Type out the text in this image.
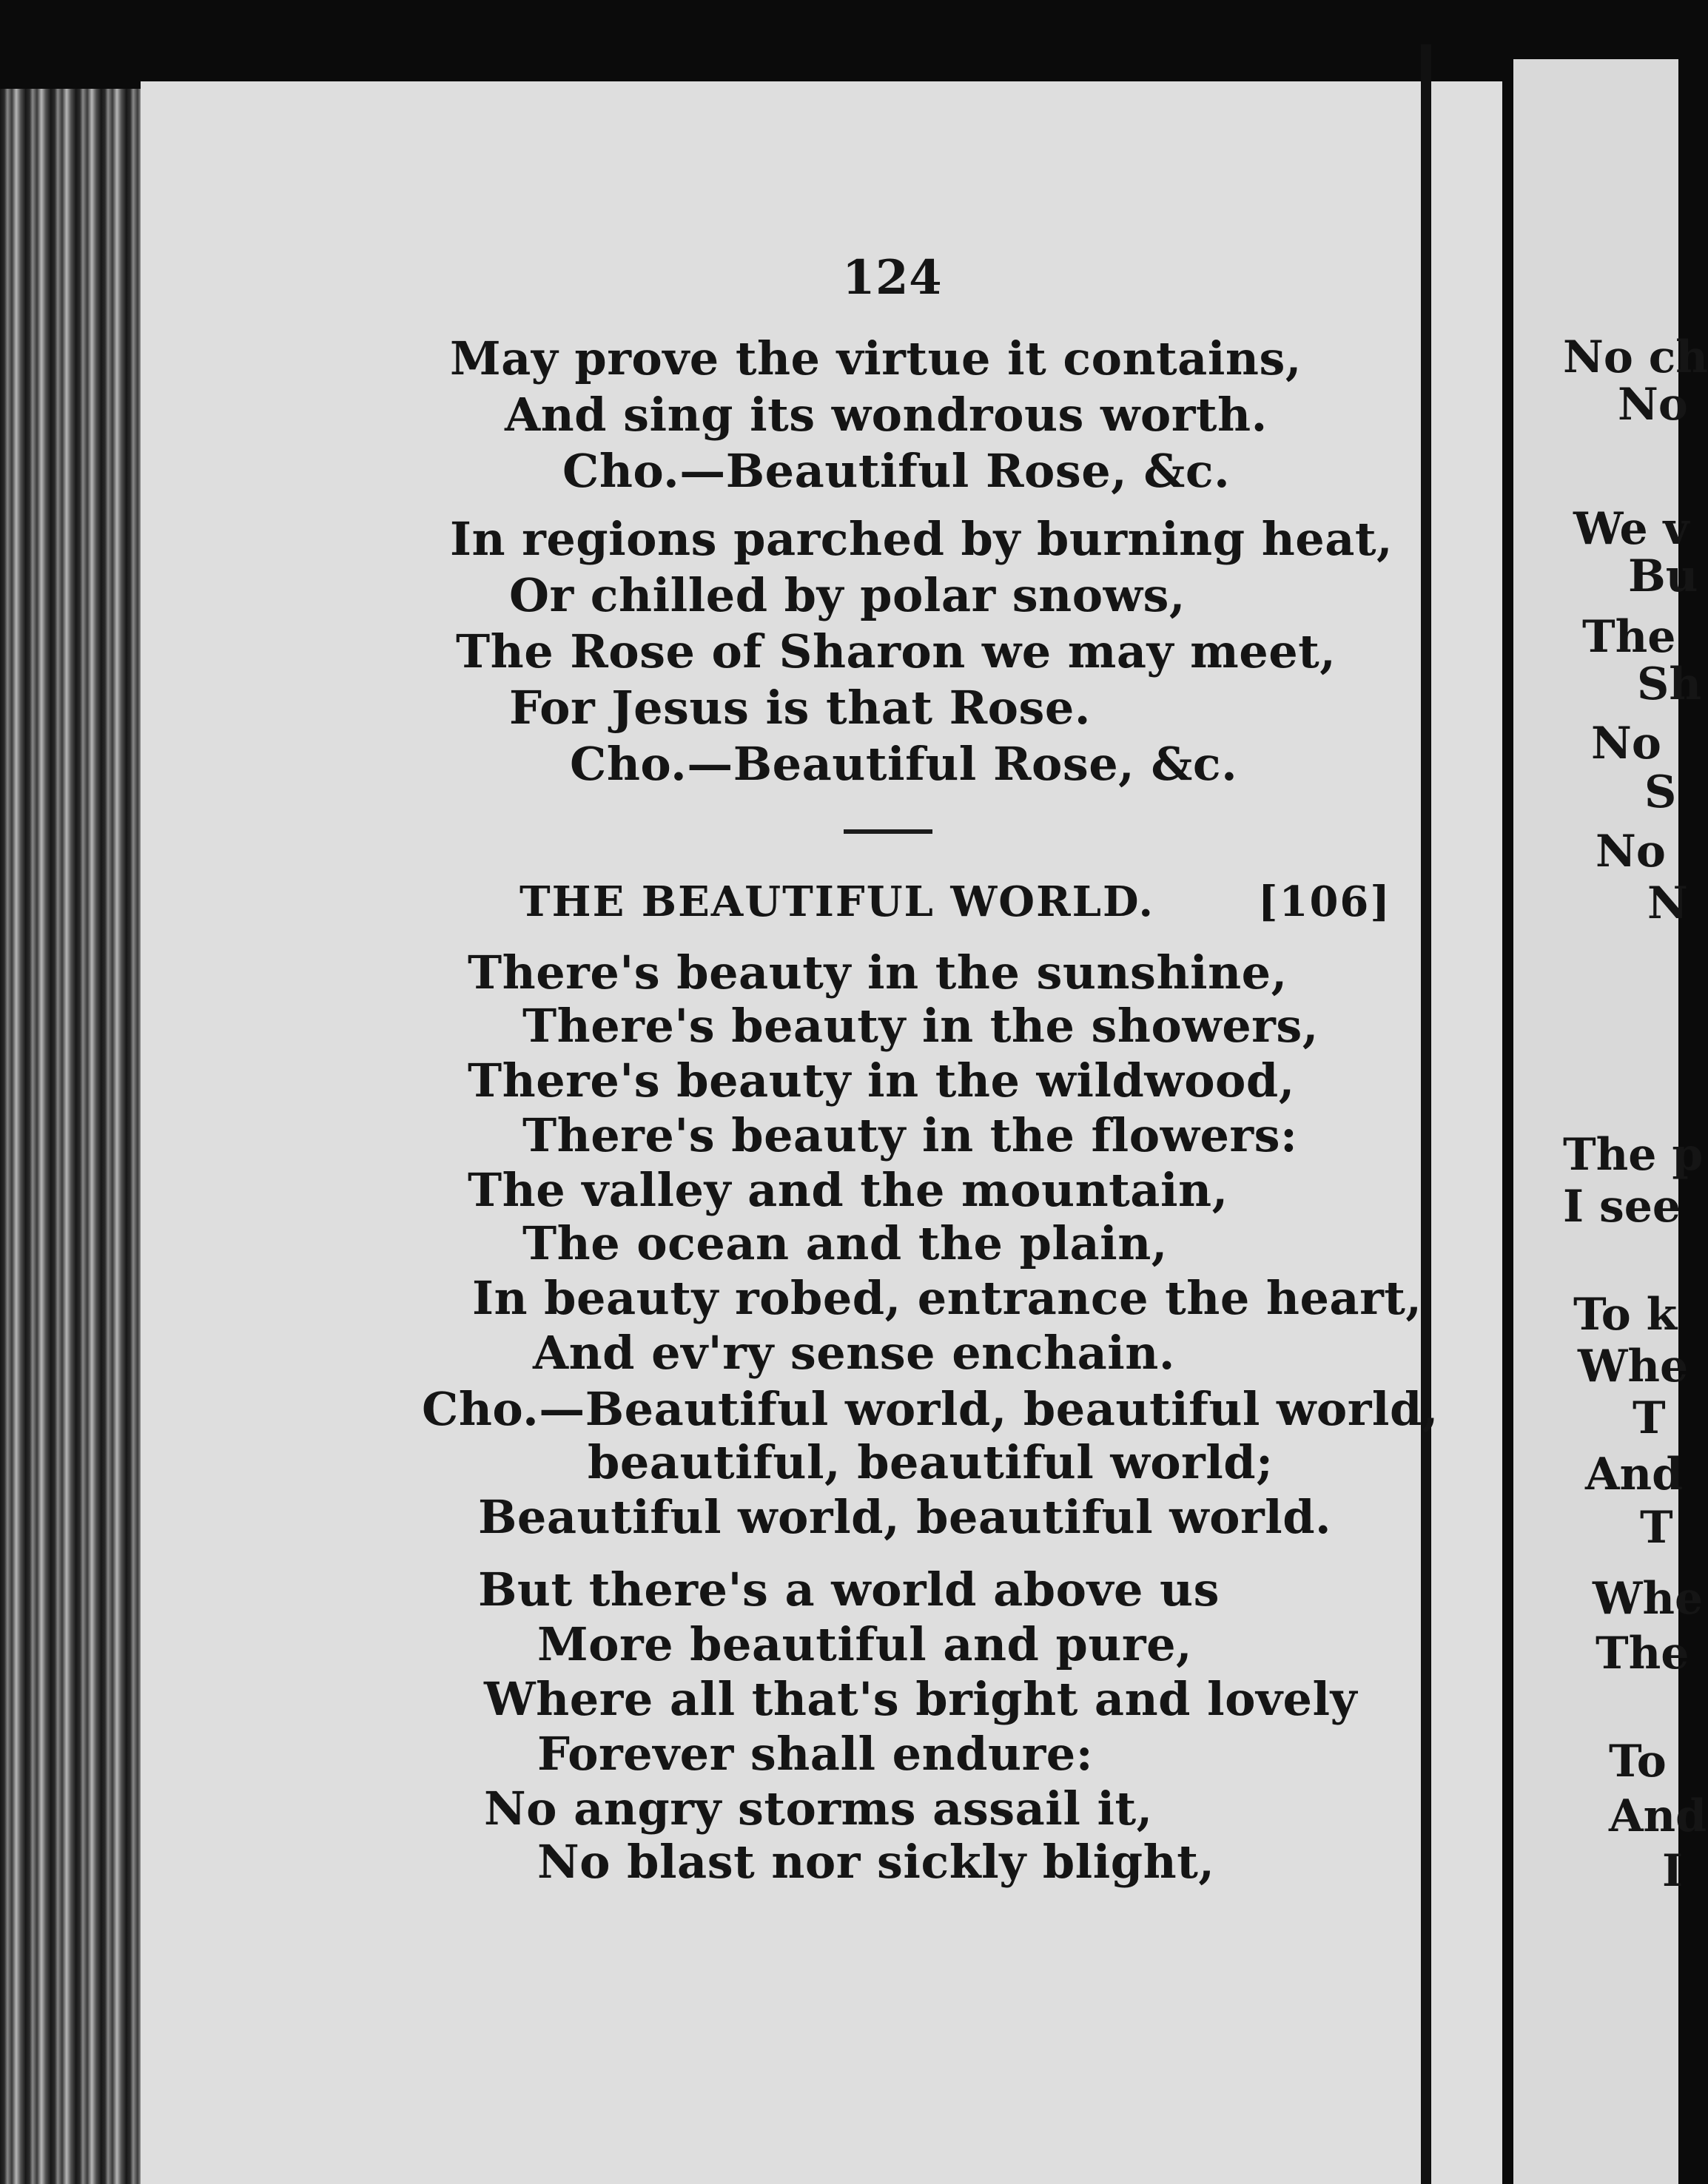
124
May prove the virtue it contains,
And sing its wondrous worth.
Cho.—Beautiful Rose, &c.
In regions parched by burning heat,
Or chilled by polar snows,
The Rose of Sharon we may meet,
For Jesus is that Rose.
Cho.—Beautiful Rose, &c.
THE BEAUTIFUL WORLD. [106]
There's beauty in the sunshine,
There's beauty in the showers,
There's beauty in the wildwood,
There's beauty in the flowers:
The valley and the mountain,
The ocean and the plain,
In beauty robed, entrance the heart,
And ev'ry sense enchain.
Cho.—Beautiful world, beautiful world,
beautiful, beautiful world;
Beautiful world, beautiful world.
But there's a world above us
More beautiful and pure,
Where all that's bright and lovely
Forever shall endure:
No angry storms assail it,
No blast nor sickly blight,
No ch
No
We v
Bu
The
Sh
No
S
No
N
The p
I see
To k
Whe
T
And
T
Whe
The
To
And
I
